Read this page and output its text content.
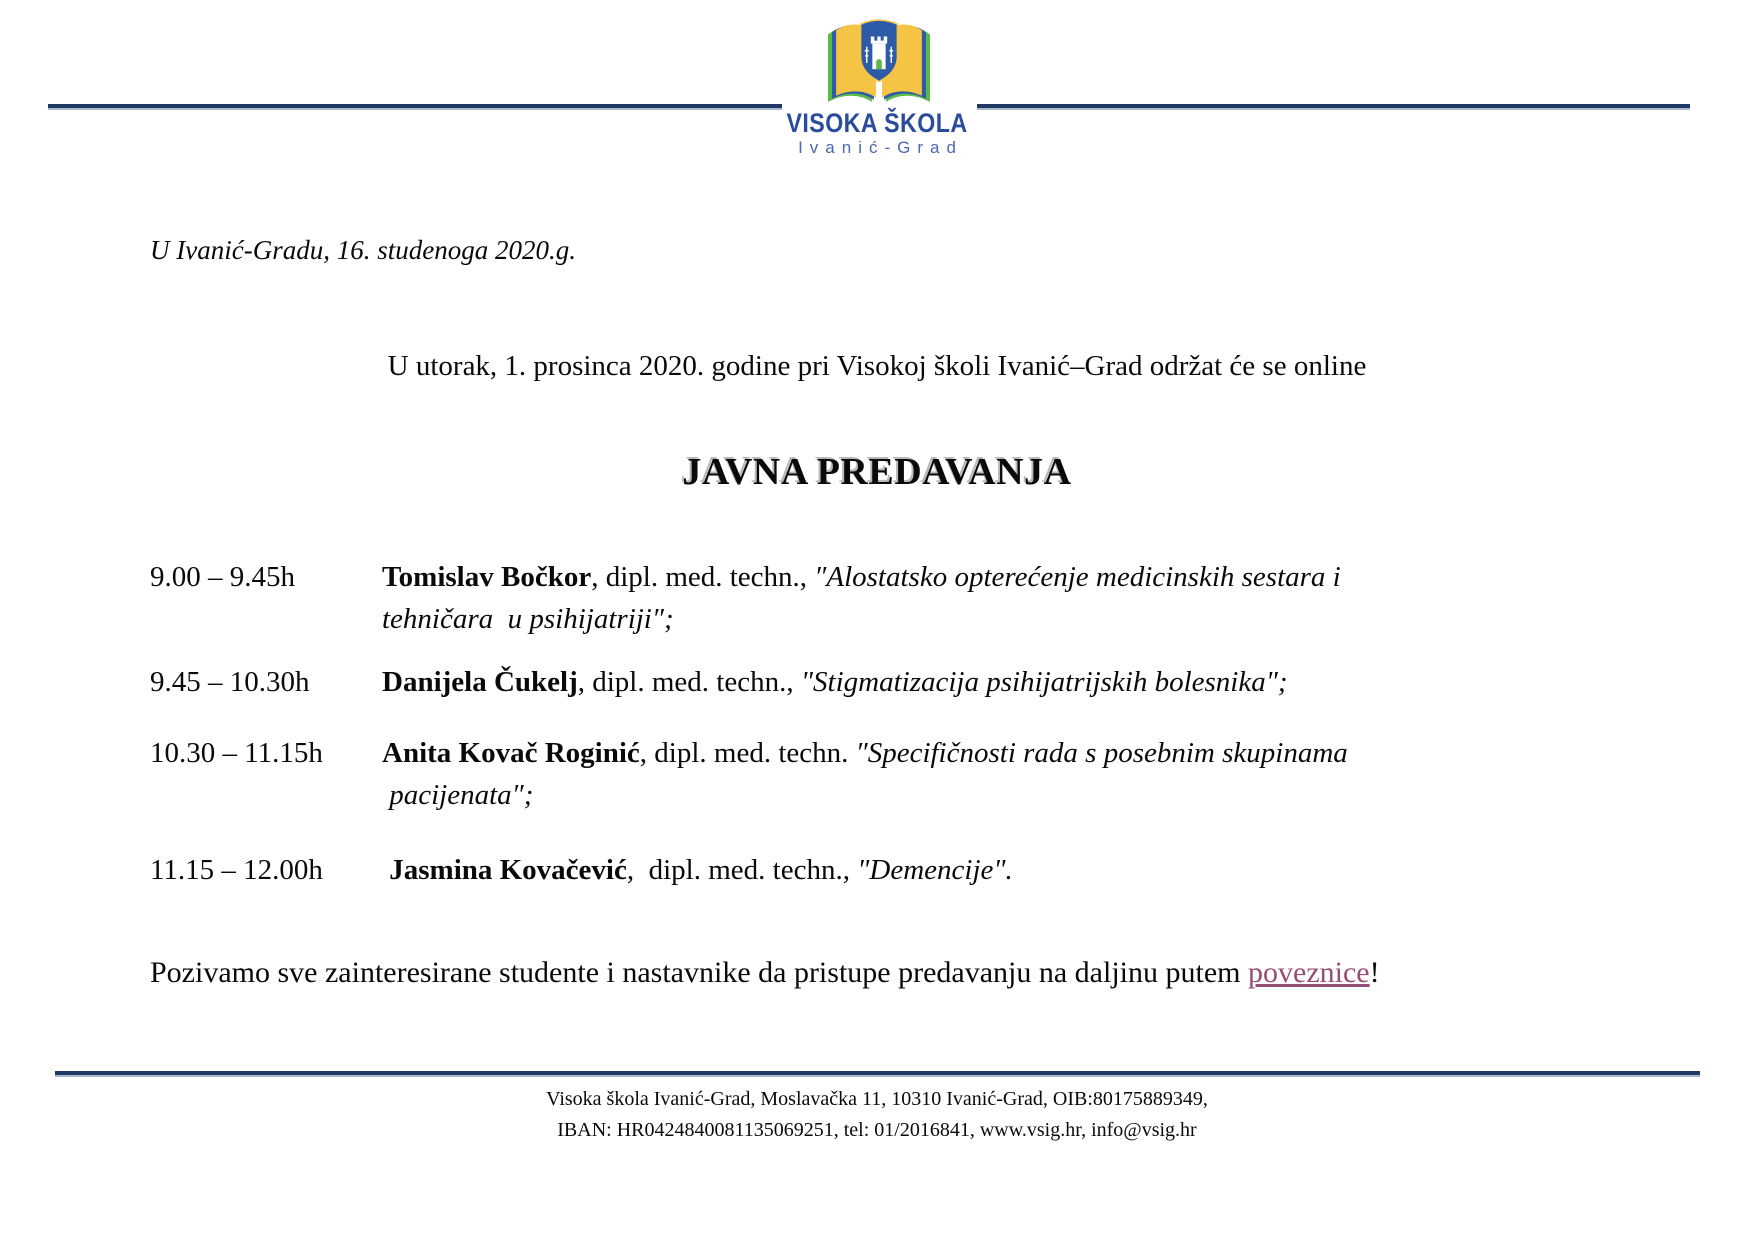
VISOKA ŠKOLA
Ivanić-Grad
U Ivanić-Gradu, 16. studenoga 2020.g.
U utorak, 1. prosinca 2020. godine pri Visokoj školi Ivanić–Grad održat će se online
JAVNA PREDAVANJA
9.00 – 9.45h	Tomislav Bočkor, dipl. med. techn., ″Alostatsko opterećenje medicinskih sestara i
tehničara  u psihijatriji″;
9.45 – 10.30h	Danijela Čukelj, dipl. med. techn., "Stigmatizacija psihijatrijskih bolesnika";
10.30 – 11.15h	Anita Kovač Roginić, dipl. med. techn. ″Specifičnosti rada s posebnim skupinama
pacijenata″;
11.15 – 12.00h	Jasmina Kovačević,  dipl. med. techn., "Demencije".
Pozivamo sve zainteresirane studente i nastavnike da pristupe predavanju na daljinu putem poveznice!
Visoka škola Ivanić-Grad, Moslavačka 11, 10310 Ivanić-Grad, OIB:80175889349,
IBAN: HR0424840081135069251, tel: 01/2016841, www.vsig.hr, info@vsig.hr
